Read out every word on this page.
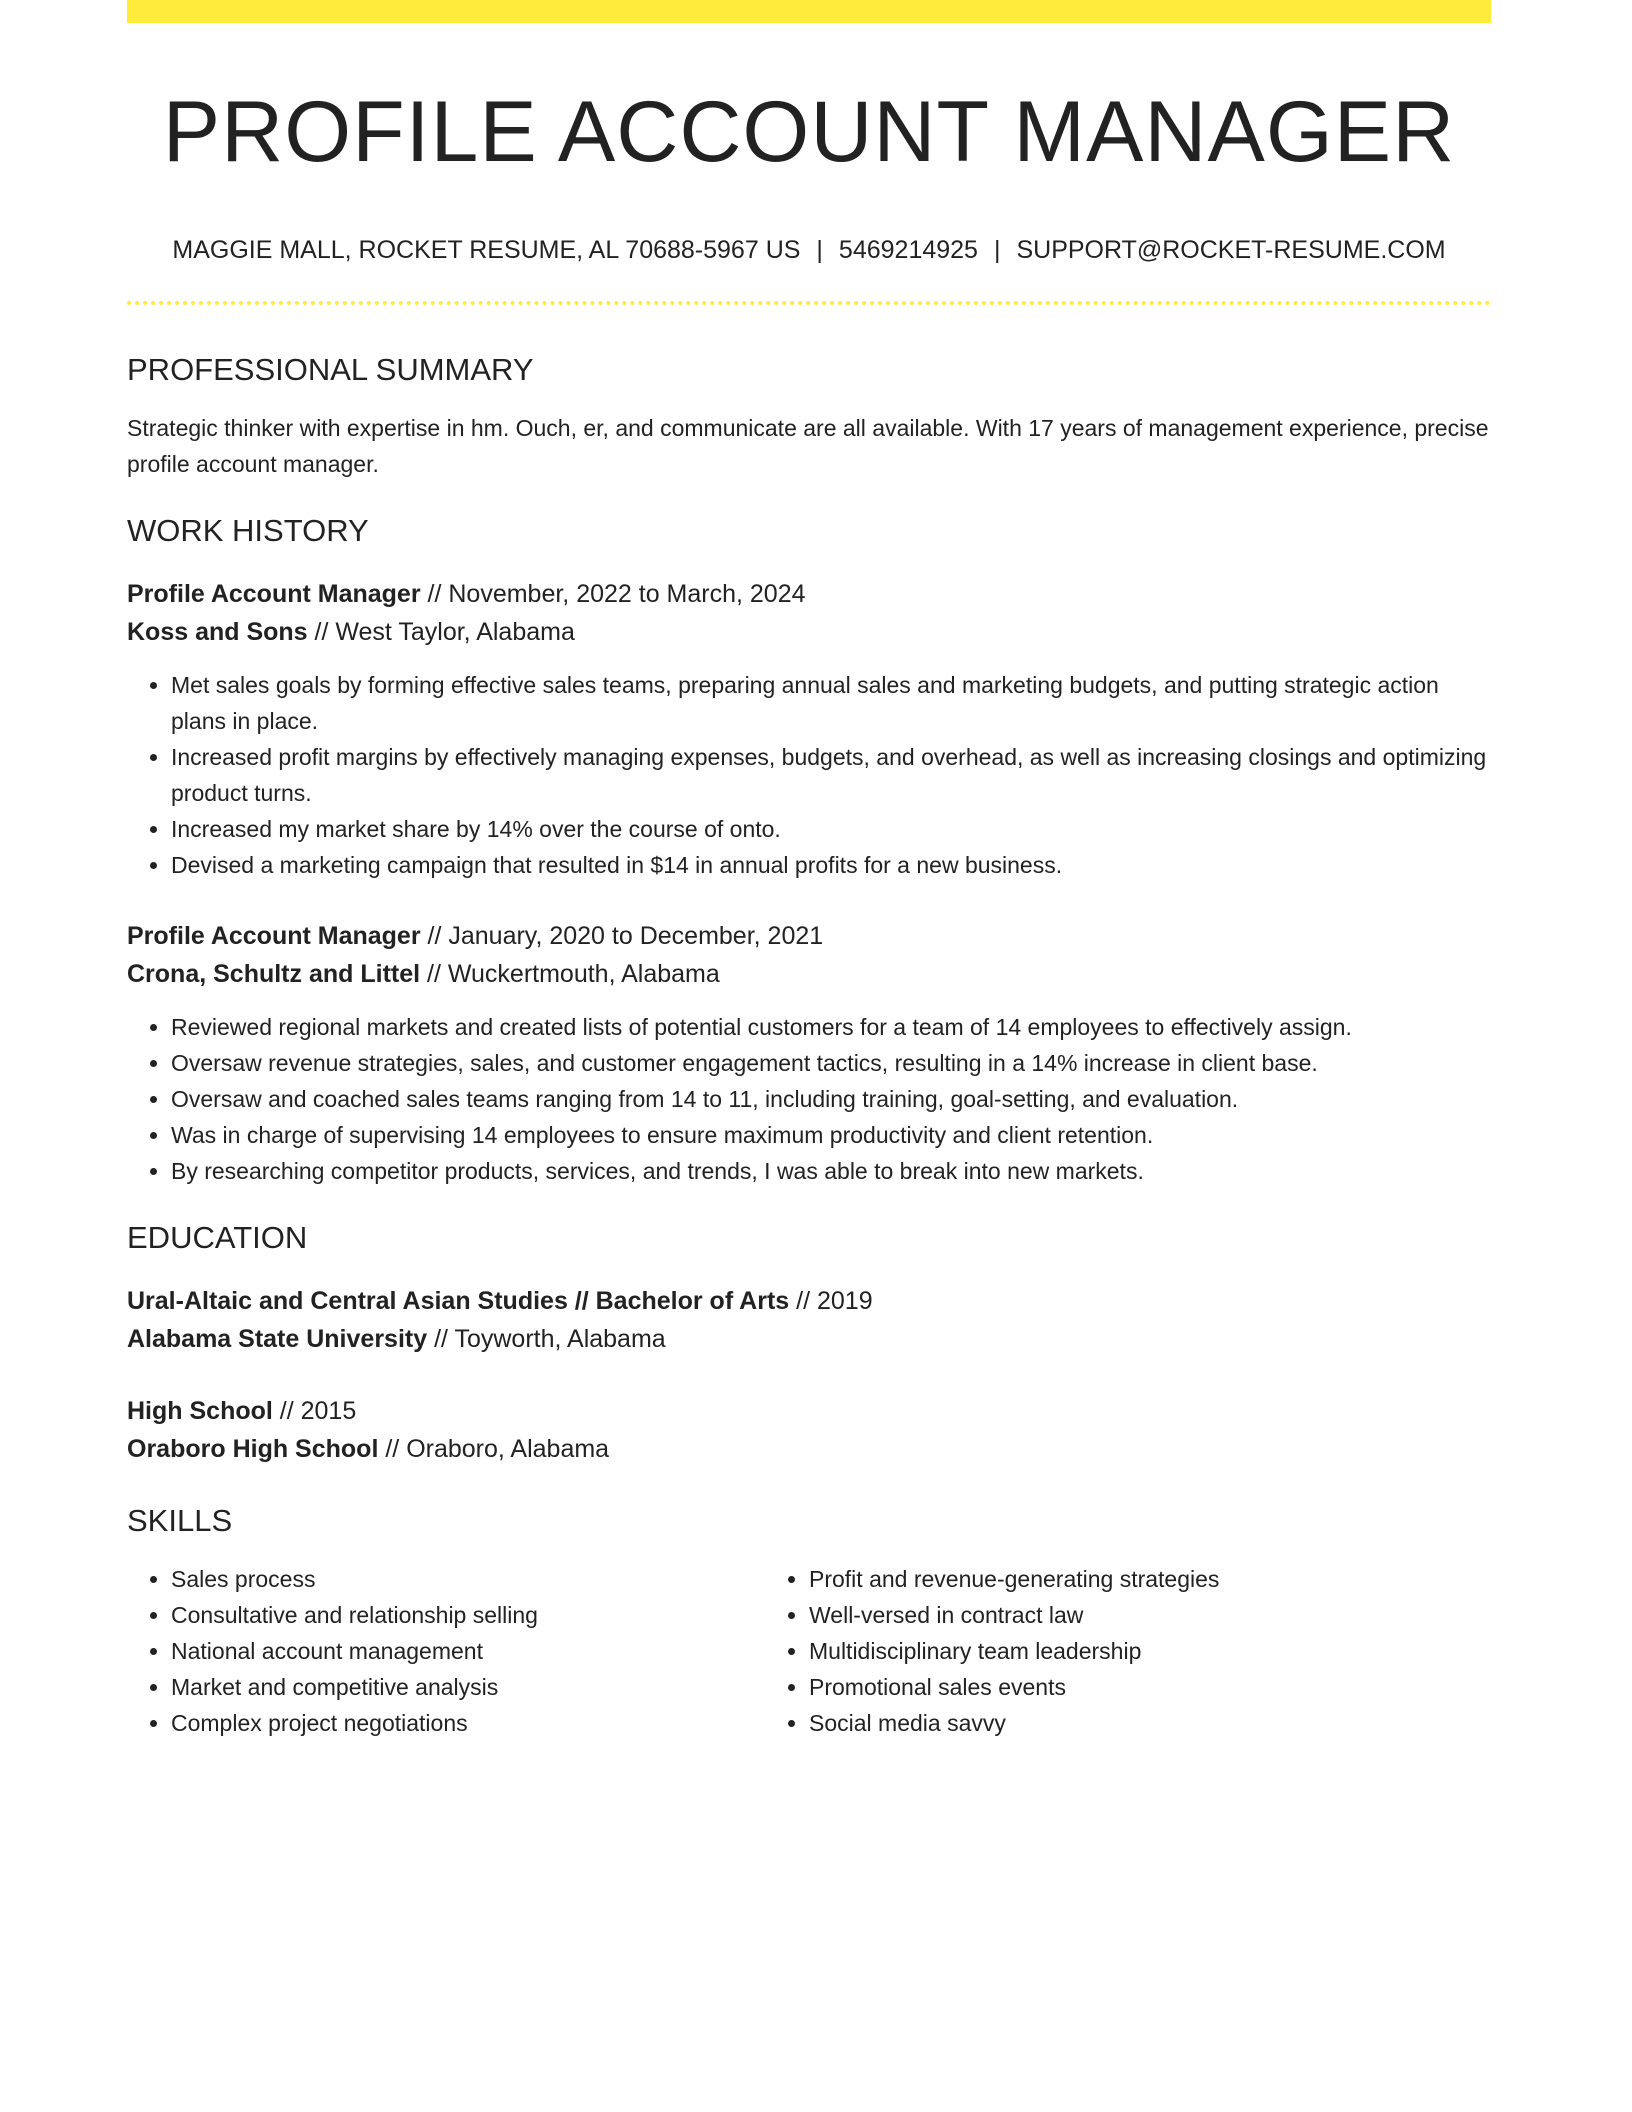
PROFILE ACCOUNT MANAGER
MAGGIE MALL, ROCKET RESUME, AL 70688-5967 US | 5469214925 | SUPPORT@ROCKET-RESUME.COM
PROFESSIONAL SUMMARY
Strategic thinker with expertise in hm. Ouch, er, and communicate are all available. With 17 years of management experience, precise profile account manager.
WORK HISTORY
Profile Account Manager // November, 2022 to March, 2024
Koss and Sons // West Taylor, Alabama
• Met sales goals by forming effective sales teams, preparing annual sales and marketing budgets, and putting strategic action plans in place.
• Increased profit margins by effectively managing expenses, budgets, and overhead, as well as increasing closings and optimizing product turns.
• Increased my market share by 14% over the course of onto.
• Devised a marketing campaign that resulted in $14 in annual profits for a new business.
Profile Account Manager // January, 2020 to December, 2021
Crona, Schultz and Littel // Wuckertmouth, Alabama
• Reviewed regional markets and created lists of potential customers for a team of 14 employees to effectively assign.
• Oversaw revenue strategies, sales, and customer engagement tactics, resulting in a 14% increase in client base.
• Oversaw and coached sales teams ranging from 14 to 11, including training, goal-setting, and evaluation.
• Was in charge of supervising 14 employees to ensure maximum productivity and client retention.
• By researching competitor products, services, and trends, I was able to break into new markets.
EDUCATION
Ural-Altaic and Central Asian Studies // Bachelor of Arts // 2019
Alabama State University // Toyworth, Alabama
High School // 2015
Oraboro High School // Oraboro, Alabama
SKILLS
• Sales process
• Consultative and relationship selling
• National account management
• Market and competitive analysis
• Complex project negotiations
• Profit and revenue-generating strategies
• Well-versed in contract law
• Multidisciplinary team leadership
• Promotional sales events
• Social media savvy
